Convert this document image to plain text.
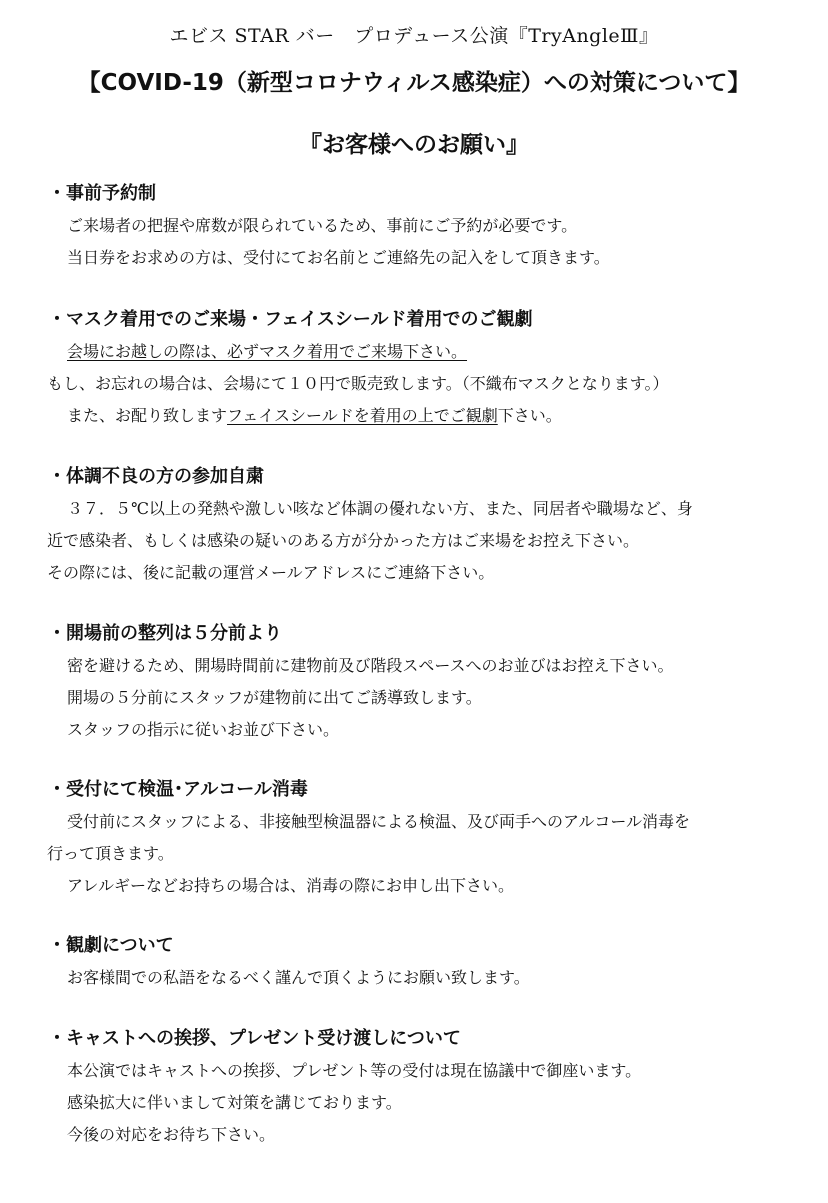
エビス STAR バー　プロデュース公演『TryAngleⅢ』
【COVID-19（新型コロナウィルス感染症）への対策について】
『お客様へのお願い』
・事前予約制
ご来場者の把握や席数が限られているため、事前にご予約が必要です。
当日券をお求めの方は、受付にてお名前とご連絡先の記入をして頂きます。
・マスク着用でのご来場・フェイスシールド着用でのご観劇
会場にお越しの際は、必ずマスク着用でご来場下さい。
もし、お忘れの場合は、会場にて１０円で販売致します。（不織布マスクとなります。）
また、お配り致しますフェイスシールドを着用の上でご観劇下さい。
・体調不良の方の参加自粛
３７．５℃以上の発熱や激しい咳など体調の優れない方、また、同居者や職場など、身
近で感染者、もしくは感染の疑いのある方が分かった方はご来場をお控え下さい。
その際には、後に記載の運営メールアドレスにご連絡下さい。
・開場前の整列は５分前より
密を避けるため、開場時間前に建物前及び階段スペースへのお並びはお控え下さい。
開場の５分前にスタッフが建物前に出てご誘導致します。
スタッフの指示に従いお並び下さい。
・受付にて検温･アルコール消毒
受付前にスタッフによる、非接触型検温器による検温、及び両手へのアルコール消毒を
行って頂きます。
アレルギーなどお持ちの場合は、消毒の際にお申し出下さい。
・観劇について
お客様間での私語をなるべく謹んで頂くようにお願い致します。
・キャストへの挨拶、プレゼント受け渡しについて
本公演ではキャストへの挨拶、プレゼント等の受付は現在協議中で御座います。
感染拡大に伴いまして対策を講じております。
今後の対応をお待ち下さい。
